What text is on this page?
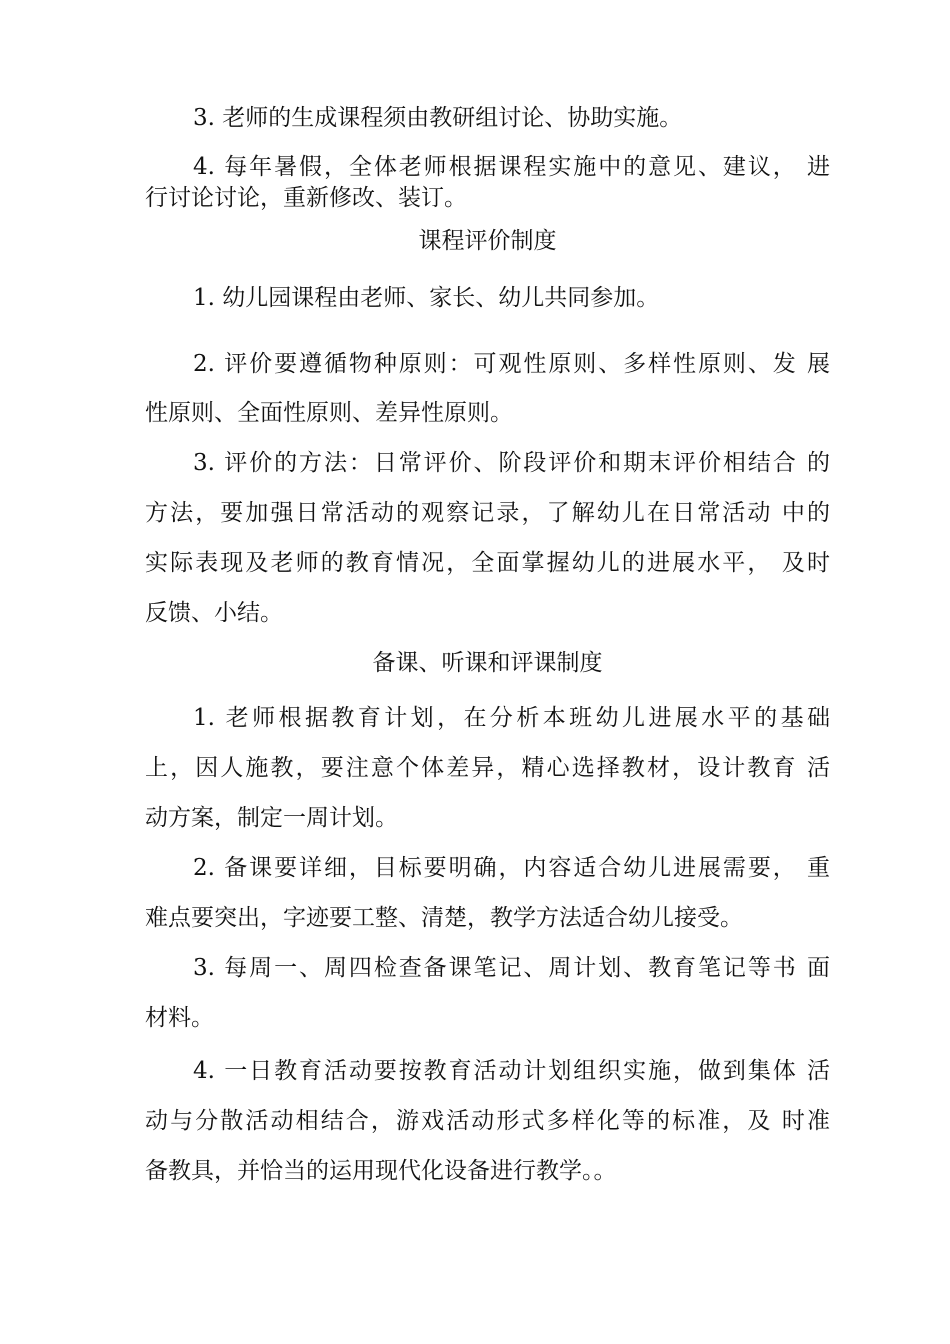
3. 老师的生成课程须由教研组讨论、协助实施。
4. 每年暑假，全体老师根据课程实施中的意见、建议， 进
行讨论讨论，重新修改、装订。
课程评价制度
1. 幼儿园课程由老师、家长、幼儿共同参加。
2. 评价要遵循物种原则：可观性原则、多样性原则、发 展
性原则、全面性原则、差异性原则。
3. 评价的方法：日常评价、阶段评价和期末评价相结合 的
方法，要加强日常活动的观察记录，了解幼儿在日常活动 中的
实际表现及老师的教育情况，全面掌握幼儿的进展水平， 及时
反馈、小结。
备课、听课和评课制度
1. 老师根据教育计划，在分析本班幼儿进展水平的基础
上，因人施教，要注意个体差异，精心选择教材，设计教育 活
动方案，制定一周计划。
2. 备课要详细，目标要明确，内容适合幼儿进展需要， 重
难点要突出，字迹要工整、清楚，教学方法适合幼儿接受。
3. 每周一、周四检查备课笔记、周计划、教育笔记等书 面
材料。
4. 一日教育活动要按教育活动计划组织实施，做到集体 活
动与分散活动相结合，游戏活动形式多样化等的标准，及 时准
备教具，并恰当的运用现代化设备进行教学。。
